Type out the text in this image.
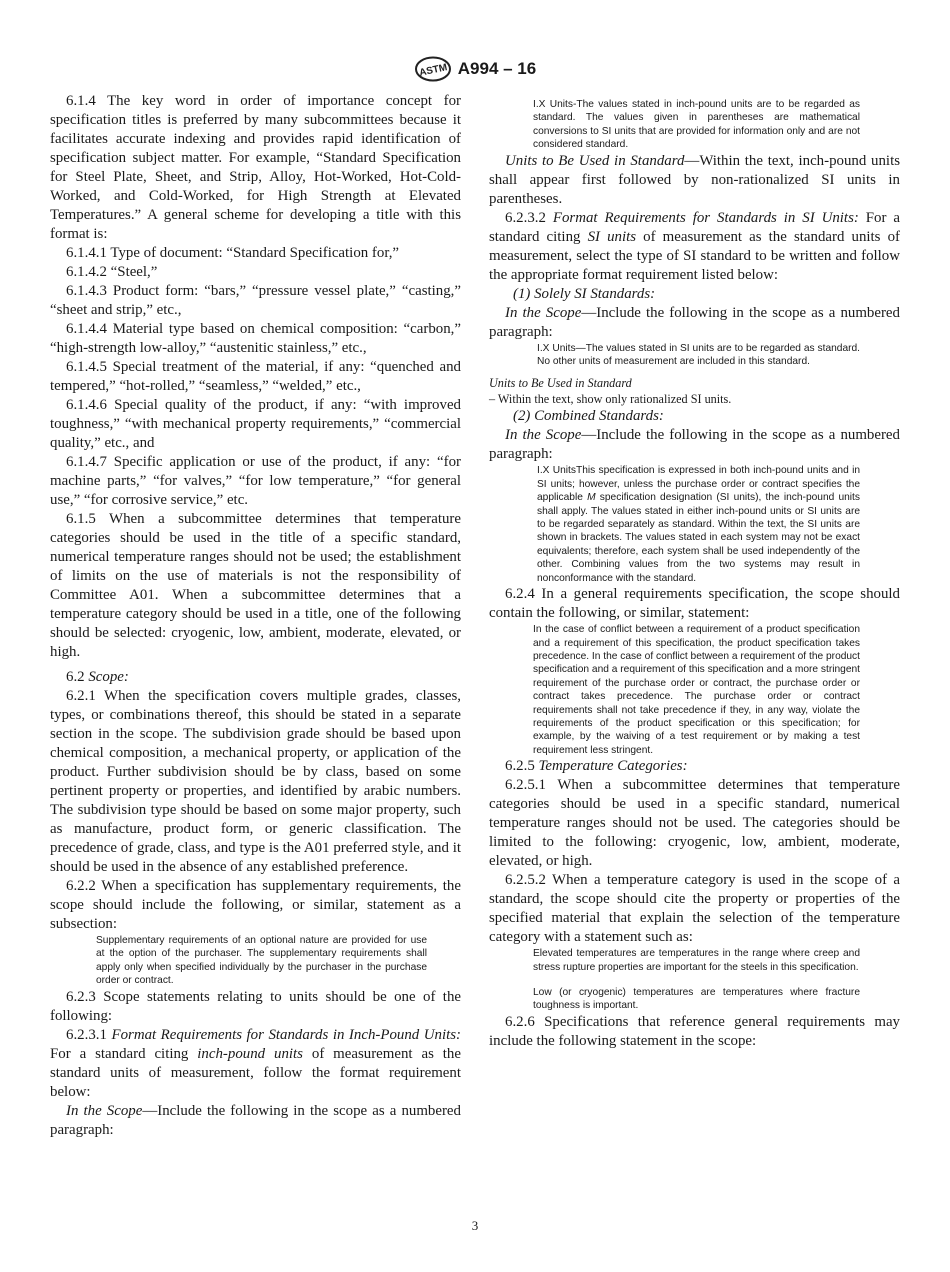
ASTM A994 – 16

6.1.4 The key word in order of importance concept for specification titles is preferred by many subcommittees because it facilitates accurate indexing and provides rapid identification of specification subject matter. For example, “Standard Specification for Steel Plate, Sheet, and Strip, Alloy, Hot-Worked, Hot-Cold-Worked, and Cold-Worked, for High Strength at Elevated Temperatures.” A general scheme for developing a title with this format is:

6.1.4.1 Type of document: “Standard Specification for,”

6.1.4.2 “Steel,”

6.1.4.3 Product form: “bars,” “pressure vessel plate,” “casting,” “sheet and strip,” etc.,

6.1.4.4 Material type based on chemical composition: “carbon,” “high-strength low-alloy,” “austenitic stainless,” etc.,

6.1.4.5 Special treatment of the material, if any: “quenched and tempered,” “hot-rolled,” “seamless,” “welded,” etc.,

6.1.4.6 Special quality of the product, if any: “with improved toughness,” “with mechanical property requirements,” “commercial quality,” etc., and

6.1.4.7 Specific application or use of the product, if any: “for machine parts,” “for valves,” “for low temperature,” “for general use,” “for corrosive service,” etc.

6.1.5 When a subcommittee determines that temperature categories should be used in the title of a specific standard, numerical temperature ranges should not be used; the establishment of limits on the use of materials is not the responsibility of Committee A01. When a subcommittee determines that a temperature category should be used in a title, one of the following should be selected: cryogenic, low, ambient, moderate, elevated, or high.

6.2 Scope:

6.2.1 When the specification covers multiple grades, classes, types, or combinations thereof, this should be stated in a separate section in the scope. The subdivision grade should be based upon chemical composition, a mechanical property, or application of the product. Further subdivision should be by class, based on some pertinent property or properties, and identified by arabic numbers. The subdivision type should be based on some major property, such as manufacture, product form, or generic classification. The precedence of grade, class, and type is the A01 preferred style, and it should be used in the absence of any established preference.

6.2.2 When a specification has supplementary requirements, the scope should include the following, or similar, statement as a subsection:

Supplementary requirements of an optional nature are provided for use at the option of the purchaser. The supplementary requirements shall apply only when specified individually by the purchaser in the purchase order or contract.

6.2.3 Scope statements relating to units should be one of the following:

6.2.3.1 Format Requirements for Standards in Inch-Pound Units: For a standard citing inch-pound units of measurement as the standard units of measurement, follow the format requirement below:

In the Scope—Include the following in the scope as a numbered paragraph:

I.X Units-The values stated in inch-pound units are to be regarded as standard. The values given in parentheses are mathematical conversions to SI units that are provided for information only and are not considered standard.

Units to Be Used in Standard—Within the text, inch-pound units shall appear first followed by non-rationalized SI units in parentheses.

6.2.3.2 Format Requirements for Standards in SI Units: For a standard citing SI units of measurement as the standard units of measurement, select the type of SI standard to be written and follow the appropriate format requirement listed below:

(1) Solely SI Standards:

In the Scope—Include the following in the scope as a numbered paragraph:

I.X Units—The values stated in SI units are to be regarded as standard. No other units of measurement are included in this standard.

Units to Be Used in Standard

– Within the text, show only rationalized SI units.

(2) Combined Standards:

In the Scope—Include the following in the scope as a numbered paragraph:

I.X UnitsThis specification is expressed in both inch-pound units and in SI units; however, unless the purchase order or contract specifies the applicable M specification designation (SI units), the inch-pound units shall apply. The values stated in either inch-pound units or SI units are to be regarded separately as standard. Within the text, the SI units are shown in brackets. The values stated in each system may not be exact equivalents; therefore, each system shall be used independently of the other. Combining values from the two systems may result in nonconformance with the standard.

6.2.4 In a general requirements specification, the scope should contain the following, or similar, statement:

In the case of conflict between a requirement of a product specification and a requirement of this specification, the product specification takes precedence. In the case of conflict between a requirement of the product specification and a requirement of this specification and a more stringent requirement of the purchase order or contract, the purchase order or contract takes precedence. The purchase order or contract requirements shall not take precedence if they, in any way, violate the requirements of the product specification or this specification; for example, by the waiving of a test requirement or by making a test requirement less stringent.

6.2.5 Temperature Categories:

6.2.5.1 When a subcommittee determines that temperature categories should be used in a specific standard, numerical temperature ranges should not be used. The categories should be limited to the following: cryogenic, low, ambient, moderate, elevated, or high.

6.2.5.2 When a temperature category is used in the scope of a standard, the scope should cite the property or properties of the specified material that explain the selection of the temperature category with a statement such as:

Elevated temperatures are temperatures in the range where creep and stress rupture properties are important for the steels in this specification.

Low (or cryogenic) temperatures are temperatures where fracture toughness is important.

6.2.6 Specifications that reference general requirements may include the following statement in the scope:

3
